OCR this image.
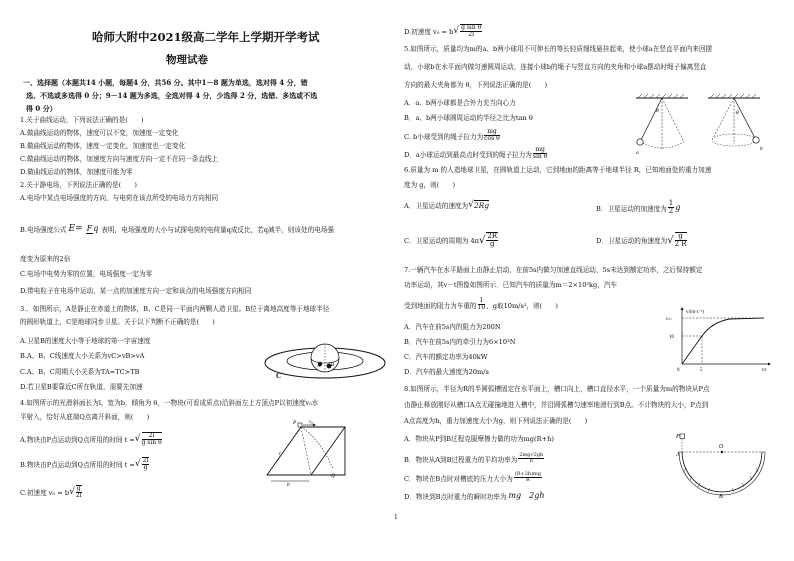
哈师大附中2021级高二学年上学期开学考试
物理试卷
一、选择题（本题共14 小题，每题4 分，共56 分。其中1－8 题为单选，选对得 4 分，错
选、不选或多选得 0 分；9－14 题为多选，全选对得 4 分，少选得 2 分，选错、多选或不选
得 0 分）
1.关于曲线运动，下列说法正确的是(　　)
A.做曲线运动的物体，速度可以不变，加速度一定变化
B.做曲线运动的物体，速度一定变化，加速度也一定变化
C.做曲线运动的物体，加速度方向与速度方向一定不在同一条直线上
D.做曲线运动的物体，加速度可能为零
2.关于静电场，下列说法正确的是(　　)
A.电场中某点电场强度的方向，与电荷在该点所受的电场力方向相同
B.电场强度公式 E= Fq 表明，电场强度的大小与试探电荷的电荷量q成反比，若q减半，则该处的电场强
度变为原来的2倍
C.电场中电势为零的位置，电场强度一定为零
D.带电粒子在电场中运动，某一点的加速度方向一定和该点的电场强度方向相同
3.．如图所示，A是静止在赤道上的物体，B、C是同一平面内两颗人造卫星。B位于离地高度等于地球半径
的圆形轨道上，C是地球同步卫星。关于以下判断不正确的是(　　)
A.卫星B的速度大小等于地球的第一宇宙速度
B.A、B、C线速度大小关系为vC>vB>vA
C.A、B、C周期大小关系为TA=TC>TB
D.若卫星B要靠近C所在轨道，需要先加速
C
A B
4.如图所示的光滑斜面长为l，宽为b，倾角为 θ，一物块(可看成质点)沿斜面左上方顶点P以初速度v₀水
平射入，恰好从底端Q点离开斜面，则(　　)
A.物块由P点运动到Q点所用的时间 t = √ $\frac{2l}{\text{g sin θ}}$
B.物块由P点运动到Q点所用的时间 t = √ $\frac{2l}{g}$
C.初速度 v₀ = b √ $\frac{g}{2l}$
P	v₀
l
b
Q
D.初速度 v₀ = b √ $\frac{\text{g sin θ}}{2l}$
5.如图所示，质量均为m的a、b两小球用不可伸长的等长轻质细线悬挂起来，使小球a在竖直平面内来回摆
动，小球b在水平面内做匀速圆周运动，连接小球b的绳子与竖直方向的夹角和小球a摆动时绳子偏离竖直
方向的最大夹角都为 θ，下列说法正确的是(　　)
A．a、b两小球都是合外力充当向心力
B．a、b两小球圆周运动的半径之比为tan θ
C. b小球受到的绳子拉力为 $\frac{mg}{\text{cos θ}}$
D．a小球运动到最高点时受到的绳子拉力为 $\frac{mg}{\text{sin θ}}$
θ
a
θ
b
6.质量为 m 的人造地球卫星，在圆轨道上运动，它到地面的距离等于地球半径 R，已知地面处的重力加速
度为 g，则(　　)
A．卫星运动的速度为 √ 2Rg	B．卫星运动的加速度为 $\frac{1}{2}$ g
C．卫星运动的周期为 4π √ $\frac{2R}{g}$	D．卫星运动的角速度为 √ $\frac{g}{2 R}$
7.一辆汽车在水平路面上由静止启动，在前5s内做匀加速直线运动，5s末达到额定功率，之后保持额定
功率运动，其v－t图像如图所示．已知汽车的质量为m＝2×10³kg，汽车
受到地面的阻力为车重的 $\frac{1}{10}$ ，g取10m/s²，则(　　)
A．汽车在前5s内的阻力为200N
B．汽车在前5s内的牵引力为6×10³N
C．汽车的额定功率为40kW
D．汽车的最大速度为20m/s
v/(m·s⁻¹)
t/s
vₘ
10
0	5
8.如图所示，半径为R的半圆弧槽固定在水平面上，槽口向上，槽口直径水平，一个质量为m的物块从P点
由静止释放刚好从槽口A点无碰撞地进入槽中，并沿圆弧槽匀速率地滑行到B点。不计物块的大小，P点到
A点高度为h，重力加速度大小为g，则下列说法正确的是(　　)
A．物块从P到B过程克服摩擦力做的功为mg(R+h)
B．物块从A到B过程重力的平均功率为 $\frac{2mg√2gh}{\pi}$
C．物块在B点时对槽底的压力大小为 $\frac{(R+2h)mg}{R}$
D．物块到B点时重力的瞬时功率为 mg　2gh
P
A
O
B
1
